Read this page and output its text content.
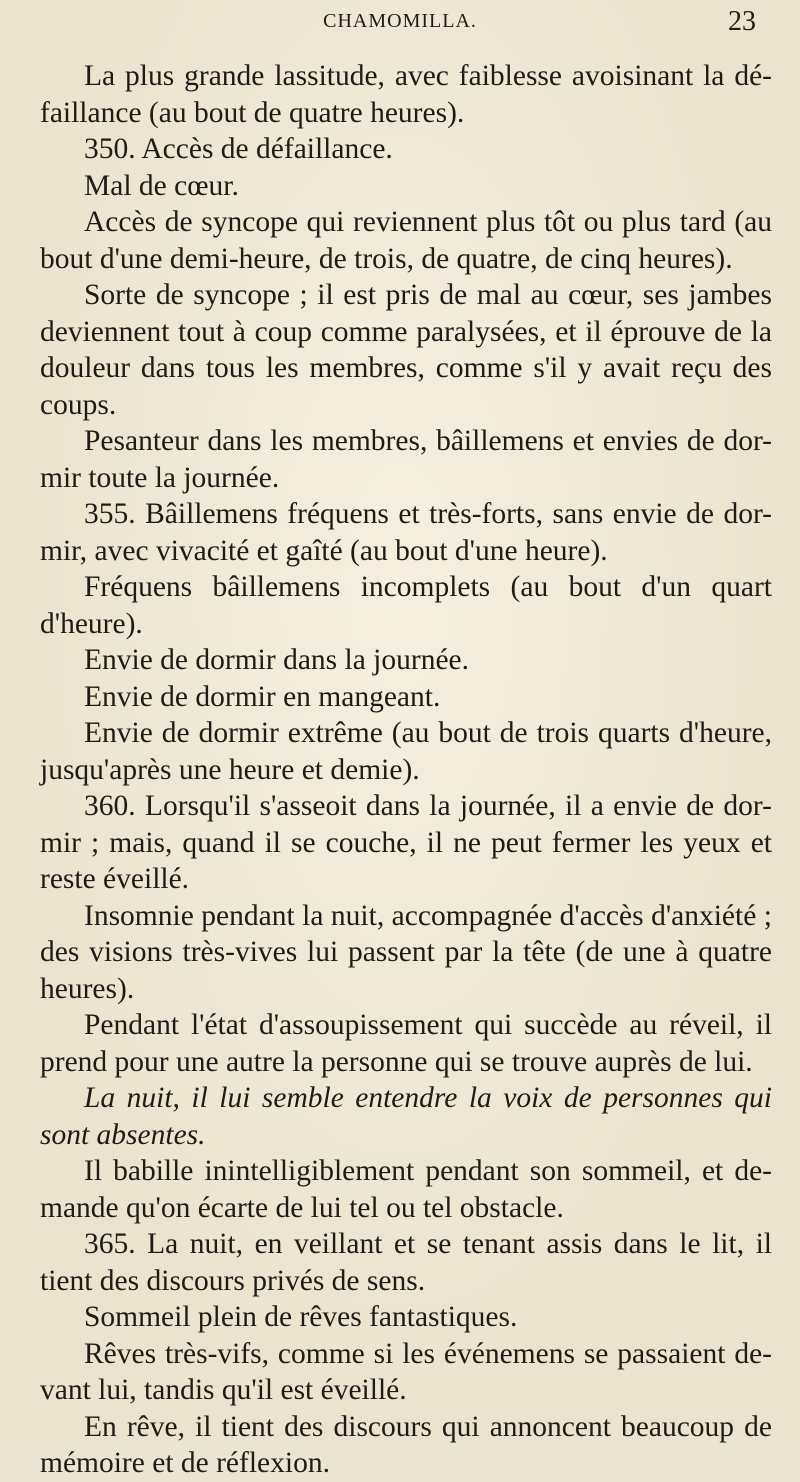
CHAMOMILLA.	23

La plus grande lassitude, avec faiblesse avoisinant la dé-faillance (au bout de quatre heures).

350. Accès de défaillance.

Mal de cœur.

Accès de syncope qui reviennent plus tôt ou plus tard (au bout d'une demi-heure, de trois, de quatre, de cinq heures).

Sorte de syncope ; il est pris de mal au cœur, ses jambes deviennent tout à coup comme paralysées, et il éprouve de la douleur dans tous les membres, comme s'il y avait reçu des coups.

Pesanteur dans les membres, bâillemens et envies de dor-mir toute la journée.

355. Bâillemens fréquens et très-forts, sans envie de dor-mir, avec vivacité et gaîté (au bout d'une heure).

Fréquens bâillemens incomplets (au bout d'un quart d'heure).

Envie de dormir dans la journée.

Envie de dormir en mangeant.

Envie de dormir extrême (au bout de trois quarts d'heure, jusqu'après une heure et demie).

360. Lorsqu'il s'asseoit dans la journée, il a envie de dor-mir ; mais, quand il se couche, il ne peut fermer les yeux et reste éveillé.

Insomnie pendant la nuit, accompagnée d'accès d'anxiété ; des visions très-vives lui passent par la tête (de une à quatre heures).

Pendant l'état d'assoupissement qui succède au réveil, il prend pour une autre la personne qui se trouve auprès de lui.

La nuit, il lui semble entendre la voix de personnes qui sont absentes.

Il babille inintelligiblement pendant son sommeil, et de-mande qu'on écarte de lui tel ou tel obstacle.

365. La nuit, en veillant et se tenant assis dans le lit, il tient des discours privés de sens.

Sommeil plein de rêves fantastiques.

Rêves très-vifs, comme si les événemens se passaient de-vant lui, tandis qu'il est éveillé.

En rêve, il tient des discours qui annoncent beaucoup de mémoire et de réflexion.
